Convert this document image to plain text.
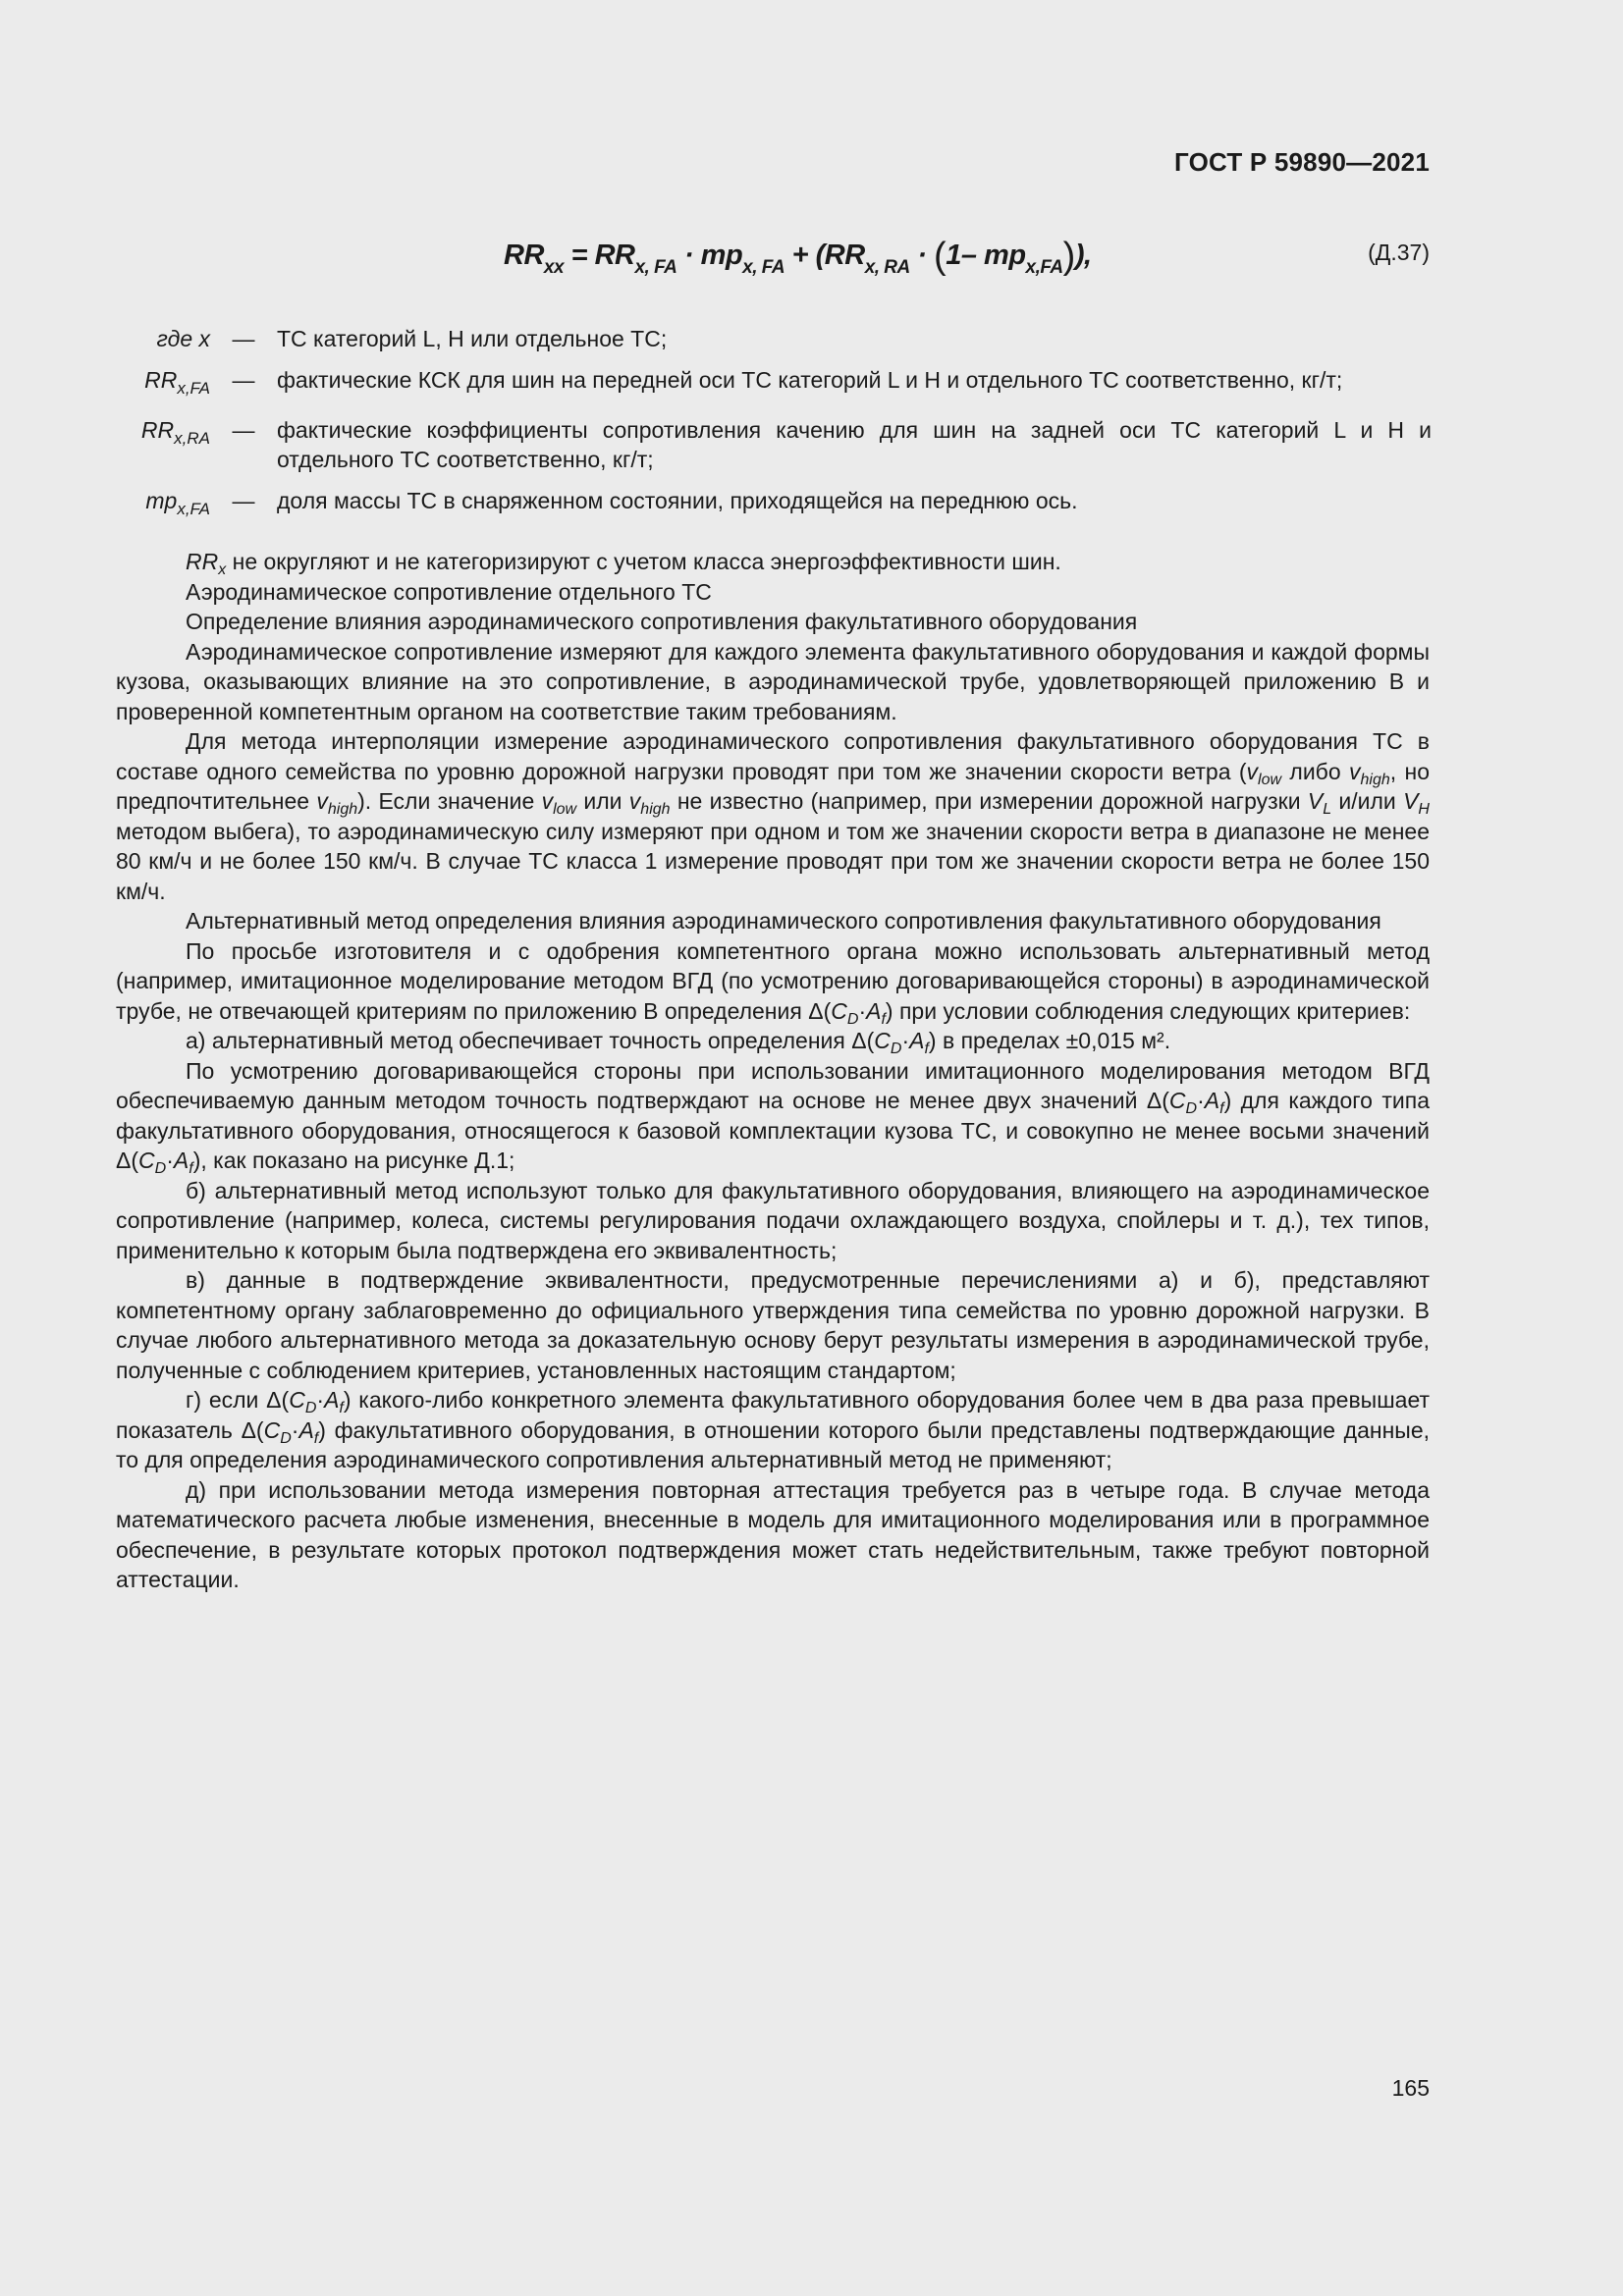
ГОСТ Р 59890—2021
$RR_{xx} = RR_{x, FA} \cdot mp_{x, FA} + (RR_{x, RA} \cdot (1-$ $mp_{x,FA}$)),	(Д.37)
где x — ТС категорий L, H или отдельное ТС;
$RR_{x,FA}$ — фактические КСК для шин на передней оси ТС категорий L и H и отдельного ТС соответственно, кг/т;
$RR_{x,RA}$ — фактические коэффициенты сопротивления качению для шин на задней оси ТС категорий L и H и отдельного ТС соответственно, кг/т;
$mp_{x,FA}$ — доля массы ТС в снаряженном состоянии, приходящейся на переднюю ось.

$RR_x$ не округляют и не категоризируют с учетом класса энергоэффективности шин.

Аэродинамическое сопротивление отдельного ТС

Определение влияния аэродинамического сопротивления факультативного оборудования

Аэродинамическое сопротивление измеряют для каждого элемента факультативного оборудования и каждой формы кузова, оказывающих влияние на это сопротивление, в аэродинамической трубе, удовлетворяющей приложению В и проверенной компетентным органом на соответствие таким требованиям.

Для метода интерполяции измерение аэродинамического сопротивления факультативного оборудования ТС в составе одного семейства по уровню дорожной нагрузки проводят при том же значении скорости ветра ($v_{low}$ либо $v_{high}$, но предпочтительнее $v_{high}$). Если значение $v_{low}$ или $v_{high}$ не известно (например, при измерении дорожной нагрузки $V_L$ и/или $V_H$ методом выбега), то аэродинамическую силу измеряют при одном и том же значении скорости ветра в диапазоне не менее 80 км/ч и не более 150 км/ч. В случае ТС класса 1 измерение проводят при том же значении скорости ветра не более 150 км/ч.

Альтернативный метод определения влияния аэродинамического сопротивления факультативного оборудования

По просьбе изготовителя и с одобрения компетентного органа можно использовать альтернативный метод (например, имитационное моделирование методом ВГД (по усмотрению договаривающейся стороны) в аэродинамической трубе, не отвечающей критериям по приложению В определения $\Delta(C_D\cdot A_f)$ при условии соблюдения следующих критериев:

а) альтернативный метод обеспечивает точность определения $\Delta(C_D\cdot A_f)$ в пределах ±0,015 м².

По усмотрению договаривающейся стороны при использовании имитационного моделирования методом ВГД обеспечиваемую данным методом точность подтверждают на основе не менее двух значений $\Delta(C_D\cdot A_f)$ для каждого типа факультативного оборудования, относящегося к базовой комплектации кузова ТС, и совокупно не менее восьми значений $\Delta(C_D\cdot A_f)$, как показано на рисунке Д.1;

б) альтернативный метод используют только для факультативного оборудования, влияющего на аэродинамическое сопротивление (например, колеса, системы регулирования подачи охлаждающего воздуха, спойлеры и т. д.), тех типов, применительно к которым была подтверждена его эквивалентность;

в) данные в подтверждение эквивалентности, предусмотренные перечислениями а) и б), представляют компетентному органу заблаговременно до официального утверждения типа семейства по уровню дорожной нагрузки. В случае любого альтернативного метода за доказательную основу берут результаты измерения в аэродинамической трубе, полученные с соблюдением критериев, установленных настоящим стандартом;

г) если $\Delta(C_D\cdot A_f)$ какого-либо конкретного элемента факультативного оборудования более чем в два раза превышает показатель $\Delta(C_D\cdot A_f)$ факультативного оборудования, в отношении которого были представлены подтверждающие данные, то для определения аэродинамического сопротивления альтернативный метод не применяют;

д) при использовании метода измерения повторная аттестация требуется раз в четыре года. В случае метода математического расчета любые изменения, внесенные в модель для имитационного моделирования или в программное обеспечение, в результате которых протокол подтверждения может стать недействительным, также требуют повторной аттестации.

165
